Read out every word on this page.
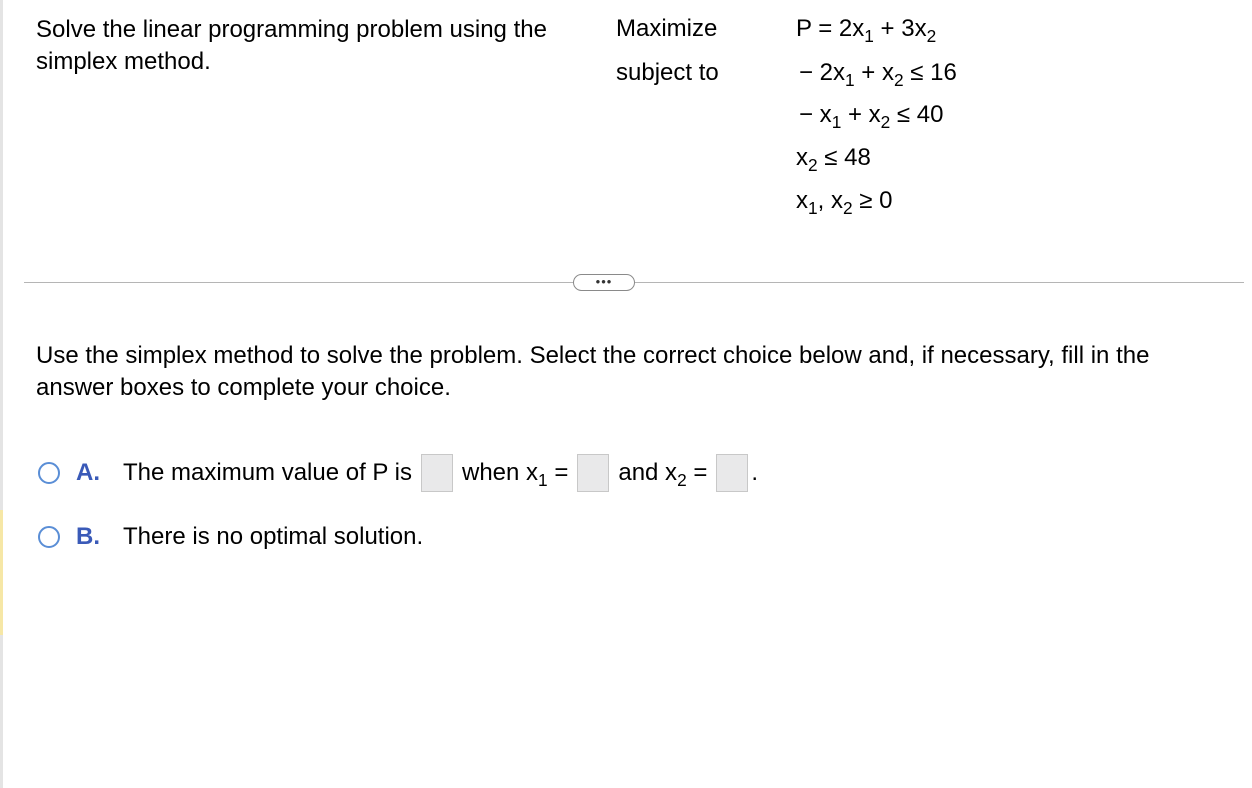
Solve the linear programming problem using the simplex method.
Maximize
subject to
$P = 2x_1 + 3x_2$
− $2x_1 + x_2 \le 16$
− $x_1 + x_2 \le 40$
$x_2 \le 48$
$x_1$, $x_2 \ge 0$
•••
Use the simplex method to solve the problem. Select the correct choice below and, if necessary, fill in the answer boxes to complete your choice.
A. The maximum value of P is when $x_1$ = and $x_2$ = .
B. There is no optimal solution.
